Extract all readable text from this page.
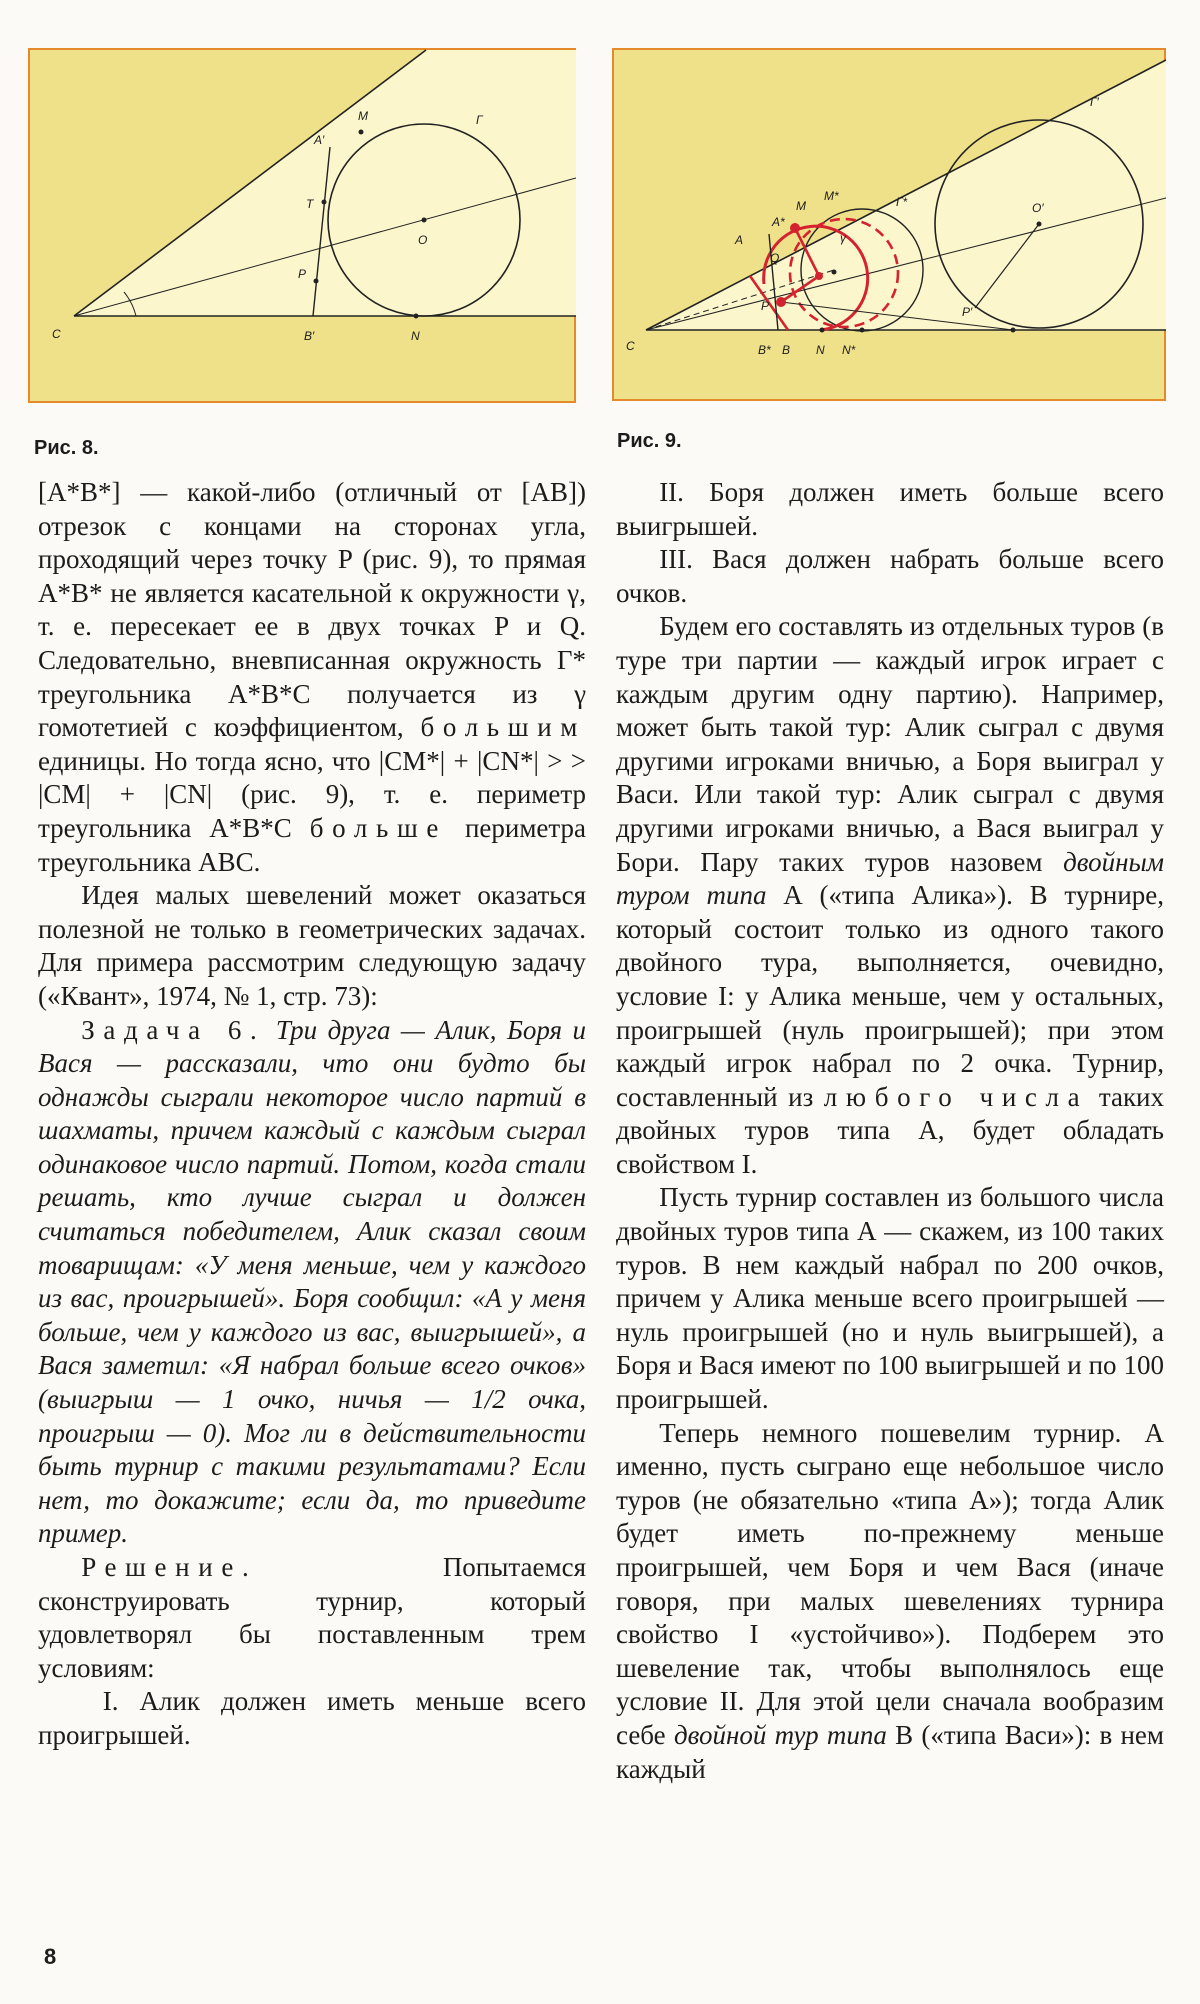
C	B′	N
P
T
A′
M
O
Г
C	B* B N N*
P
Q
A
A*
M
M*
γ
Г*
Г′
O′
P′
Рис. 8.	Рис. 9.

[A*B*] — какой-либо (отличный от [AB]) отрезок с концами на сторонах угла, проходящий через точку P (рис. 9), то прямая A*B* не является касательной к окружности γ, т. е. пересекает ее в двух точках P и Q. Следовательно, вневписанная окружность Г* треугольника A*B*C получается из γ гомотетией с коэффициентом, большим единицы. Но тогда ясно, что |CM*| + |CN*| > > |CM| + |CN| (рис. 9), т. е. периметр треугольника A*B*C больше периметра треугольника ABC.

Идея малых шевелений может оказаться полезной не только в геометрических задачах. Для примера рассмотрим следующую задачу («Квант», 1974, № 1, стр. 73):

Задача 6. Три друга — Алик, Боря и Вася — рассказали, что они будто бы однажды сыграли некоторое число партий в шахматы, причем каждый с каждым сыграл одинаковое число партий. Потом, когда стали решать, кто лучше сыграл и должен считаться победителем, Алик сказал своим товарищам: «У меня меньше, чем у каждого из вас, проигрышей». Боря сообщил: «А у меня больше, чем у каждого из вас, выигрышей», а Вася заметил: «Я набрал больше всего очков» (выигрыш — 1 очко, ничья — 1/2 очка, проигрыш — 0). Мог ли в действительности быть турнир с такими результатами? Если нет, то докажите; если да, то приведите пример.

Решение.	Попытаемся сконструировать турнир, который удовлетворял бы поставленным трем условиям:

I. Алик должен иметь меньше всего проигрышей.

II. Боря должен иметь больше всего выигрышей.

III. Вася должен набрать больше всего очков.

Будем его составлять из отдельных туров (в туре три партии — каждый игрок играет с каждым другим одну партию). Например, может быть такой тур: Алик сыграл с двумя другими игроками вничью, а Боря выиграл у Васи. Или такой тур: Алик сыграл с двумя другими игроками вничью, а Вася выиграл у Бори. Пару таких туров назовем двойным туром типа А («типа Алика»). В турнире, который состоит только из одного такого двойного тура, выполняется, очевидно, условие I: у Алика меньше, чем у остальных, проигрышей (нуль проигрышей); при этом каждый игрок набрал по 2 очка. Турнир, составленный из любого числа таких двойных туров типа А, будет обладать свойством I.

Пусть турнир составлен из большого числа двойных туров типа А — скажем, из 100 таких туров. В нем каждый набрал по 200 очков, причем у Алика меньше всего проигрышей — нуль проигрышей (но и нуль выигрышей), а Боря и Вася имеют по 100 выигрышей и по 100 проигрышей.

Теперь немного пошевелим турнир. А именно, пусть сыграно еще небольшое число туров (не обязательно «типа А»); тогда Алик будет иметь по-прежнему меньше проигрышей, чем Боря и чем Вася (иначе говоря, при малых шевелениях турнира свойство I «устойчиво»). Подберем это шевеление так, чтобы выполнялось еще условие II. Для этой цели сначала вообразим себе двойной тур типа В («типа Васи»): в нем каждый

8
